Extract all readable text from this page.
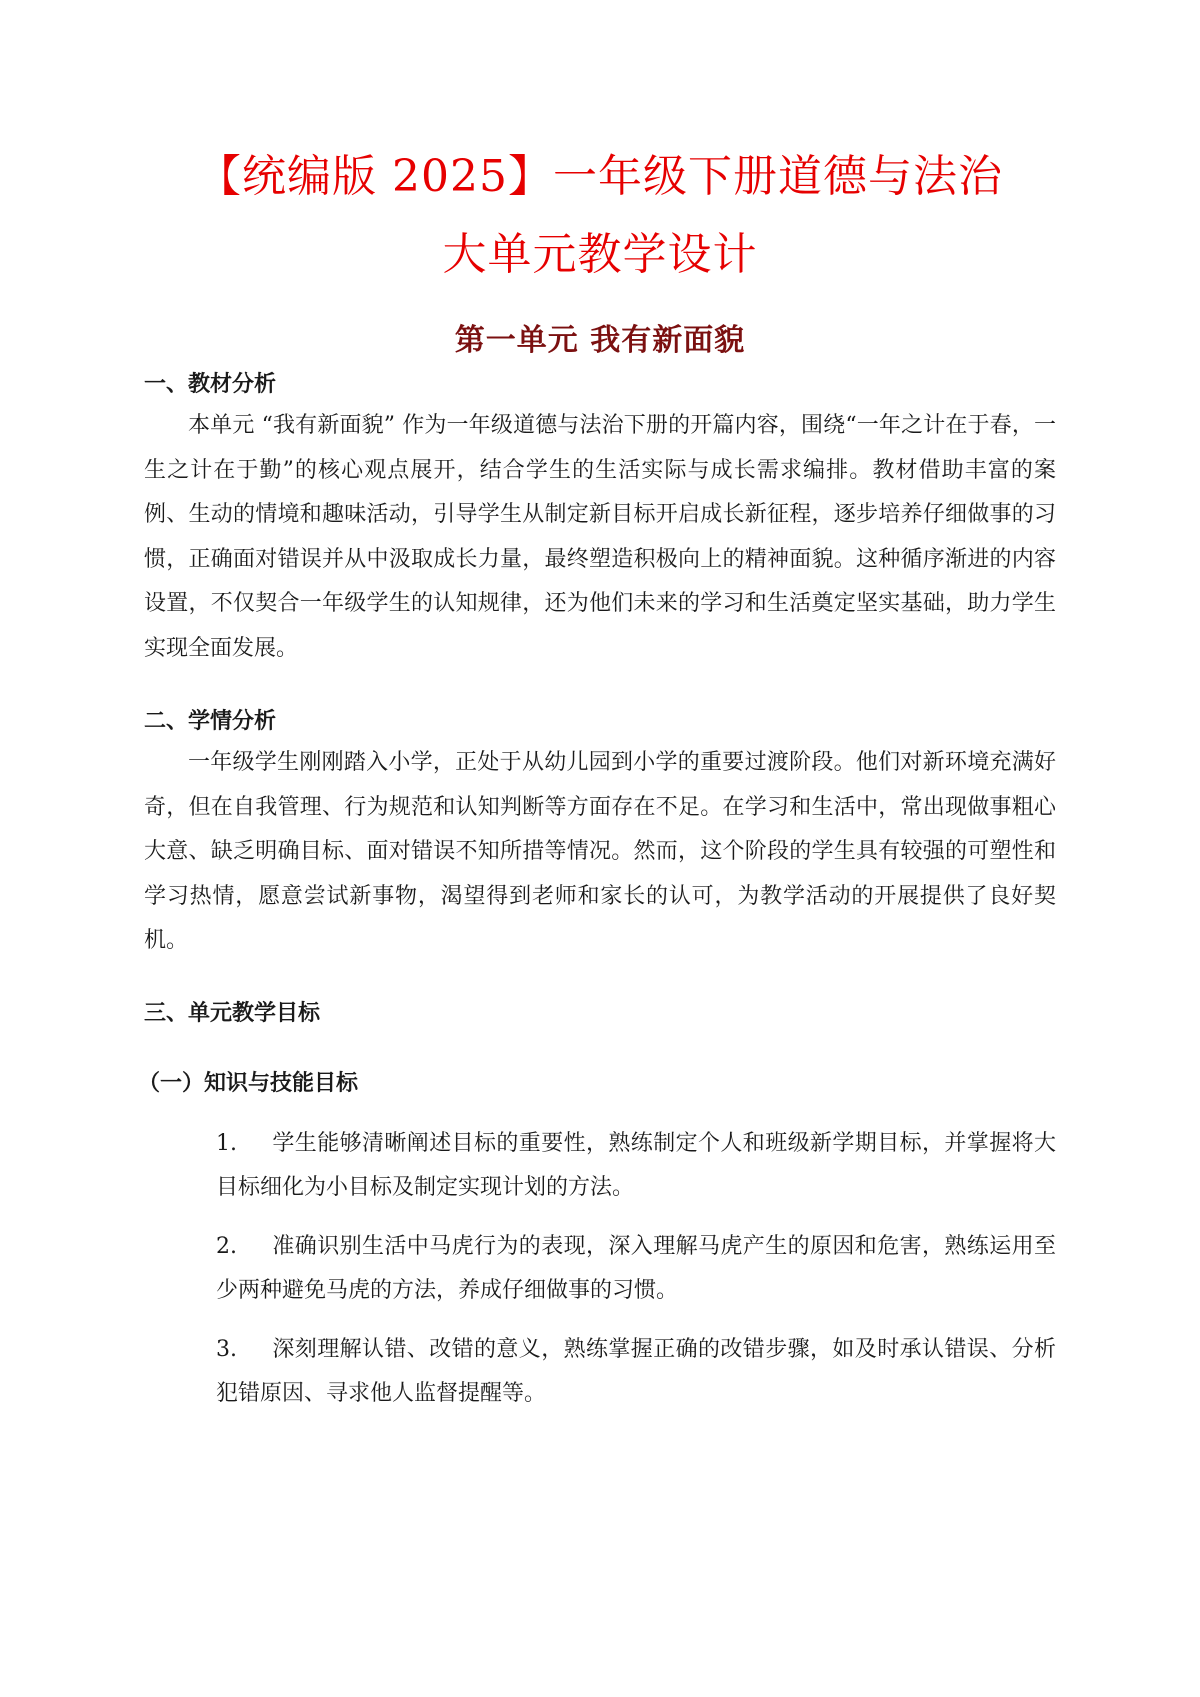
【统编版 2025】一年级下册道德与法治
大单元教学设计
第一单元 我有新面貌
一、教材分析

本单元 “我有新面貌” 作为一年级道德与法治下册的开篇内容，围绕“一年之计在于春，一生之计在于勤”的核心观点展开，结合学生的生活实际与成长需求编排。教材借助丰富的案例、生动的情境和趣味活动，引导学生从制定新目标开启成长新征程，逐步培养仔细做事的习惯，正确面对错误并从中汲取成长力量，最终塑造积极向上的精神面貌。这种循序渐进的内容设置，不仅契合一年级学生的认知规律，还为他们未来的学习和生活奠定坚实基础，助力学生实现全面发展。

二、学情分析

一年级学生刚刚踏入小学，正处于从幼儿园到小学的重要过渡阶段。他们对新环境充满好奇，但在自我管理、行为规范和认知判断等方面存在不足。在学习和生活中，常出现做事粗心大意、缺乏明确目标、面对错误不知所措等情况。然而，这个阶段的学生具有较强的可塑性和学习热情，愿意尝试新事物，渴望得到老师和家长的认可，为教学活动的开展提供了良好契机。

三、单元教学目标
（一）知识与技能目标
1. 学生能够清晰阐述目标的重要性，熟练制定个人和班级新学期目标，并掌握将大目标细化为小目标及制定实现计划的方法。
2. 准确识别生活中马虎行为的表现，深入理解马虎产生的原因和危害，熟练运用至少两种避免马虎的方法，养成仔细做事的习惯。
3. 深刻理解认错、改错的意义，熟练掌握正确的改错步骤，如及时承认错误、分析犯错原因、寻求他人监督提醒等。
